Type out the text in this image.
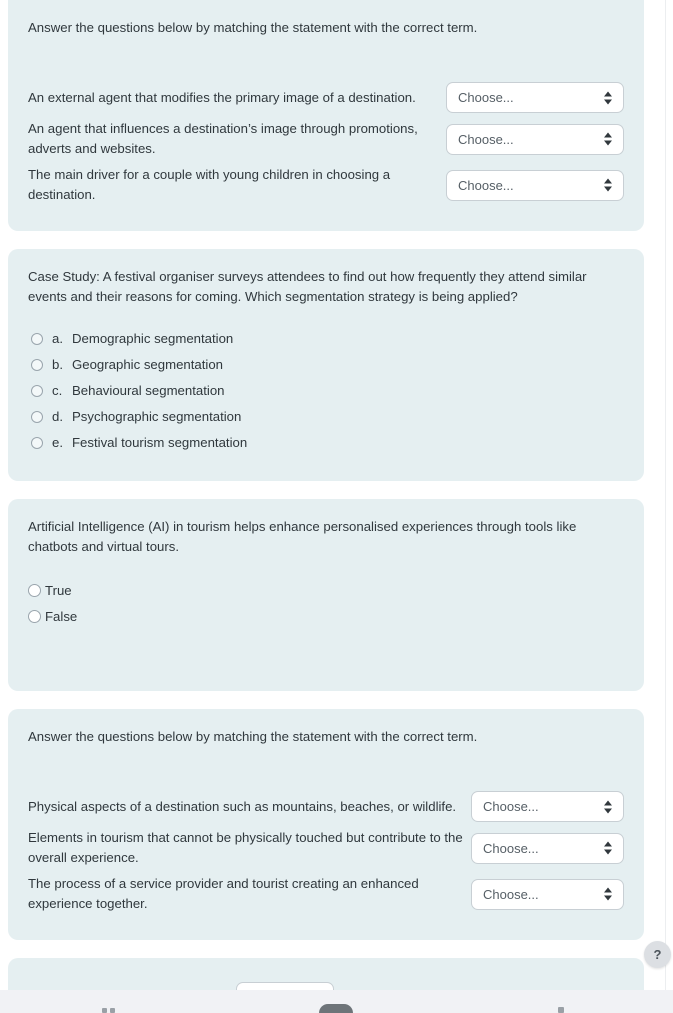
Answer the questions below by matching the statement with the correct term.

An external agent that modifies the primary image of a destination.
Choose...
An agent that influences a destination’s image through promotions, adverts and websites.
Choose...
The main driver for a couple with young children in choosing a destination.
Choose...

Case Study: A festival organiser surveys attendees to find out how frequently they attend similar events and their reasons for coming. Which segmentation strategy is being applied?

a. Demographic segmentation
b. Geographic segmentation
c. Behavioural segmentation
d. Psychographic segmentation
e. Festival tourism segmentation

Artificial Intelligence (AI) in tourism helps enhance personalised experiences through tools like chatbots and virtual tours.

True
False

Answer the questions below by matching the statement with the correct term.

Physical aspects of a destination such as mountains, beaches, or wildlife.
Choose...
Elements in tourism that cannot be physically touched but contribute to the overall experience.
Choose...
The process of a service provider and tourist creating an enhanced experience together.
Choose...
?
